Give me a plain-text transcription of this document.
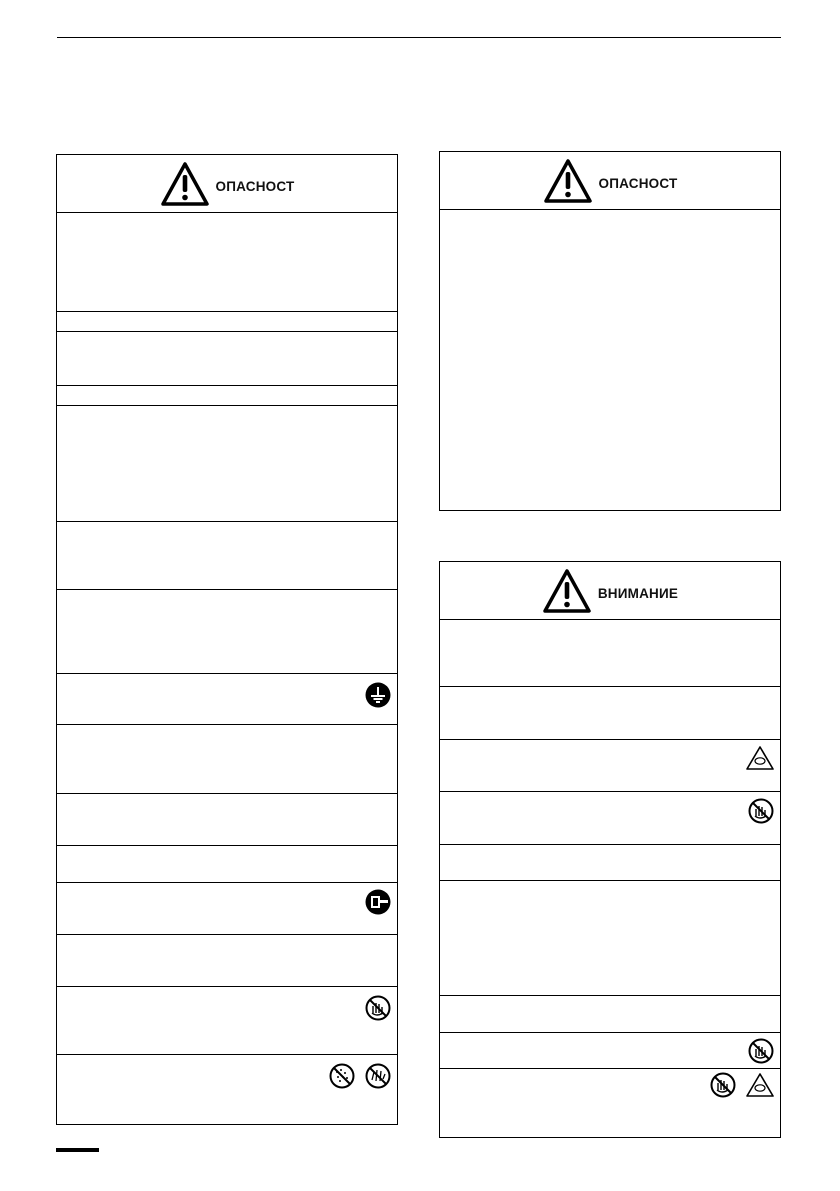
ОПАСНОСТ	ОПАСНОСТ
ВНИМАНИЕ
